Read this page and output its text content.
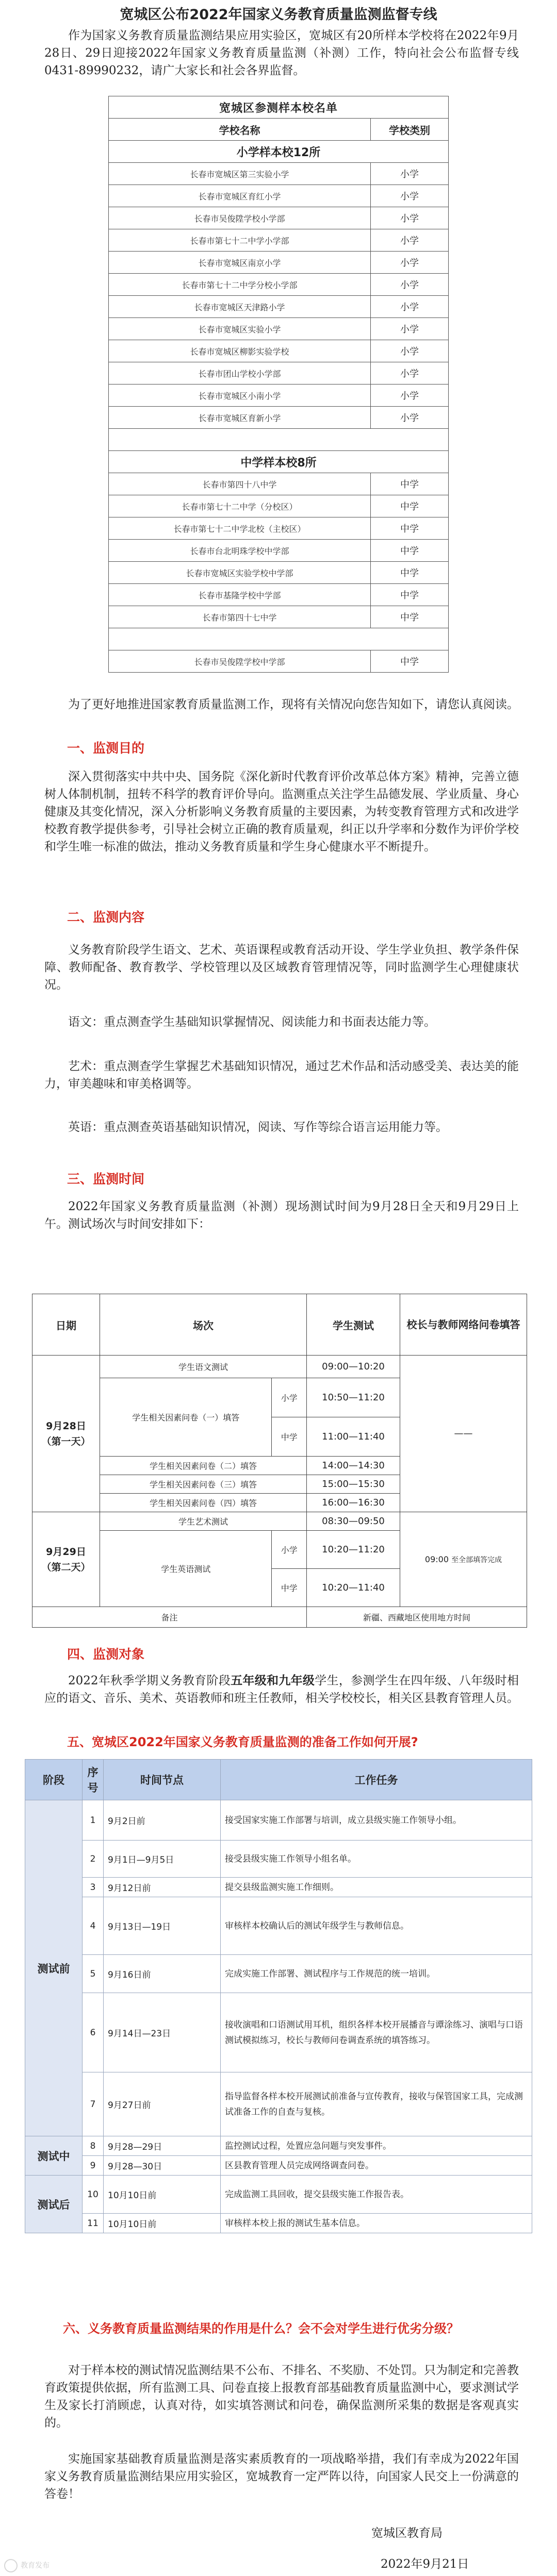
宽城区公布2022年国家义务教育质量监测监督专线

作为国家义务教育质量监测结果应用实验区，宽城区有20所样本学校将在2022年9月28日、29日迎接2022年国家义务教育质量监测（补测）工作，特向社会公布监督专线0431-89990232，请广大家长和社会各界监督。

宽城区参测样本校名单	
学校名称	学校类别
小学样本校12所	
长春市宽城区第三实验小学	小学
长春市宽城区育红小学	小学
长春市吴俊陞学校小学部	小学
长春市第七十二中学小学部	小学
长春市宽城区南京小学	小学
长春市第七十二中学分校小学部	小学
长春市宽城区天津路小学	小学
长春市宽城区实验小学	小学
长春市宽城区柳影实验学校	小学
长春市团山学校小学部	小学
长春市宽城区小南小学	小学
长春市宽城区育新小学	小学

中学样本校8所	
长春市第四十八中学	中学
长春市第七十二中学（分校区）	中学
长春市第七十二中学北校（主校区）	中学
长春市台北明珠学校中学部	中学
长春市宽城区实验学校中学部	中学
长春市基隆学校中学部	中学
长春市第四十七中学	中学

长春市吴俊陞学校中学部	中学

为了更好地推进国家教育质量监测工作，现将有关情况向您告知如下，请您认真阅读。

一、监测目的

深入贯彻落实中共中央、国务院《深化新时代教育评价改革总体方案》精神，完善立德树人体制机制，扭转不科学的教育评价导向。监测重点关注学生品德发展、学业质量、身心健康及其变化情况，深入分析影响义务教育质量的主要因素，为转变教育管理方式和改进学校教育教学提供参考，引导社会树立正确的教育质量观，纠正以升学率和分数作为评价学校和学生唯一标准的做法，推动义务教育质量和学生身心健康水平不断提升。

二、监测内容

义务教育阶段学生语文、艺术、英语课程或教育活动开设、学生学业负担、教学条件保障、教师配备、教育教学、学校管理以及区域教育管理情况等，同时监测学生心理健康状况。

语文：重点测查学生基础知识掌握情况、阅读能力和书面表达能力等。

艺术：重点测查学生掌握艺术基础知识情况，通过艺术作品和活动感受美、表达美的能力，审美趣味和审美格调等。

英语：重点测查英语基础知识情况，阅读、写作等综合语言运用能力等。

三、监测时间

2022年国家义务教育质量监测（补测）现场测试时间为9月28日全天和9月29日上午。测试场次与时间安排如下：

日期	场次		学生测试	校长与教师网络问卷填答
9月28日
（第一天）	学生语文测试		09:00—10:20	——
	学生相关因素问卷（一）填答	小学	10:50—11:20	
		中学	11:00—11:40	
	学生相关因素问卷（二）填答		14:00—14:30	
	学生相关因素问卷（三）填答		15:00—15:30	
	学生相关因素问卷（四）填答		16:00—16:30	

9月29日
（第二天）	学生艺术测试		08:30—09:50	09:00 至全部填答完成
	学生英语测试	小学	10:20—11:20	
		中学	10:20—11:40	
备注			新疆、西藏地区使用地方时间	
四、监测对象

2022年秋季学期义务教育阶段五年级和九年级学生，参测学生在四年级、八年级时相应的语文、音乐、美术、英语教师和班主任教师，相关学校校长，相关区县教育管理人员。

五、宽城区2022年国家义务教育质量监测的准备工作如何开展?
阶段	序号	时间节点	工作任务
测试前	1	9月2日前	接受国家实施工作部署与培训，成立县级实施工作领导小组。
	2	9月1日—9月5日	接受县级实施工作领导小组名单。
	3	9月12日前	提交县级监测实施工作细则。
	4	9月13日—19日	审核样本校确认后的测试年级学生与教师信息。
	5	9月16日前	完成实施工作部署、测试程序与工作规范的统一培训。
	6	9月14日—23日	接收演唱和口语测试用耳机，组织各样本校开展播音与谭涂练习、演唱与口语测试模拟练习，校长与教师问卷调查系统的填答练习。
	7	9月27日前	指导监督各样本校开展测试前准备与宣传教育，接收与保管国家工具，完成测试准备工作的自查与复核。
测试中	8	9月28—29日	监控测试过程，处置应急问题与突发事件。
	9	9月28—30日	区县教育管理人员完成网络调查问卷。
测试后	10	10月10日前	完成监测工具回收，提交县级实施工作报告表。
	11	10月10日前	审核样本校上报的测试生基本信息。
六、义务教育质量监测结果的作用是什么？会不会对学生进行优劣分级？

对于样本校的测试情况监测结果不公布、不排名、不奖励、不处罚。只为制定和完善教育政策提供依据，所有监测工具、问卷直接上报教育部基础教育质量监测中心，要求测试学生及家长打消顾虑，认真对待，如实填答测试和问卷，确保监测所采集的数据是客观真实的。

实施国家基础教育质量监测是落实素质教育的一项战略举措，我们有幸成为2022年国家义务教育质量监测结果应用实验区，宽城教育一定严阵以待，向国家人民交上一份满意的答卷！

宽城区教育局
2022年9月21日
教育发布
